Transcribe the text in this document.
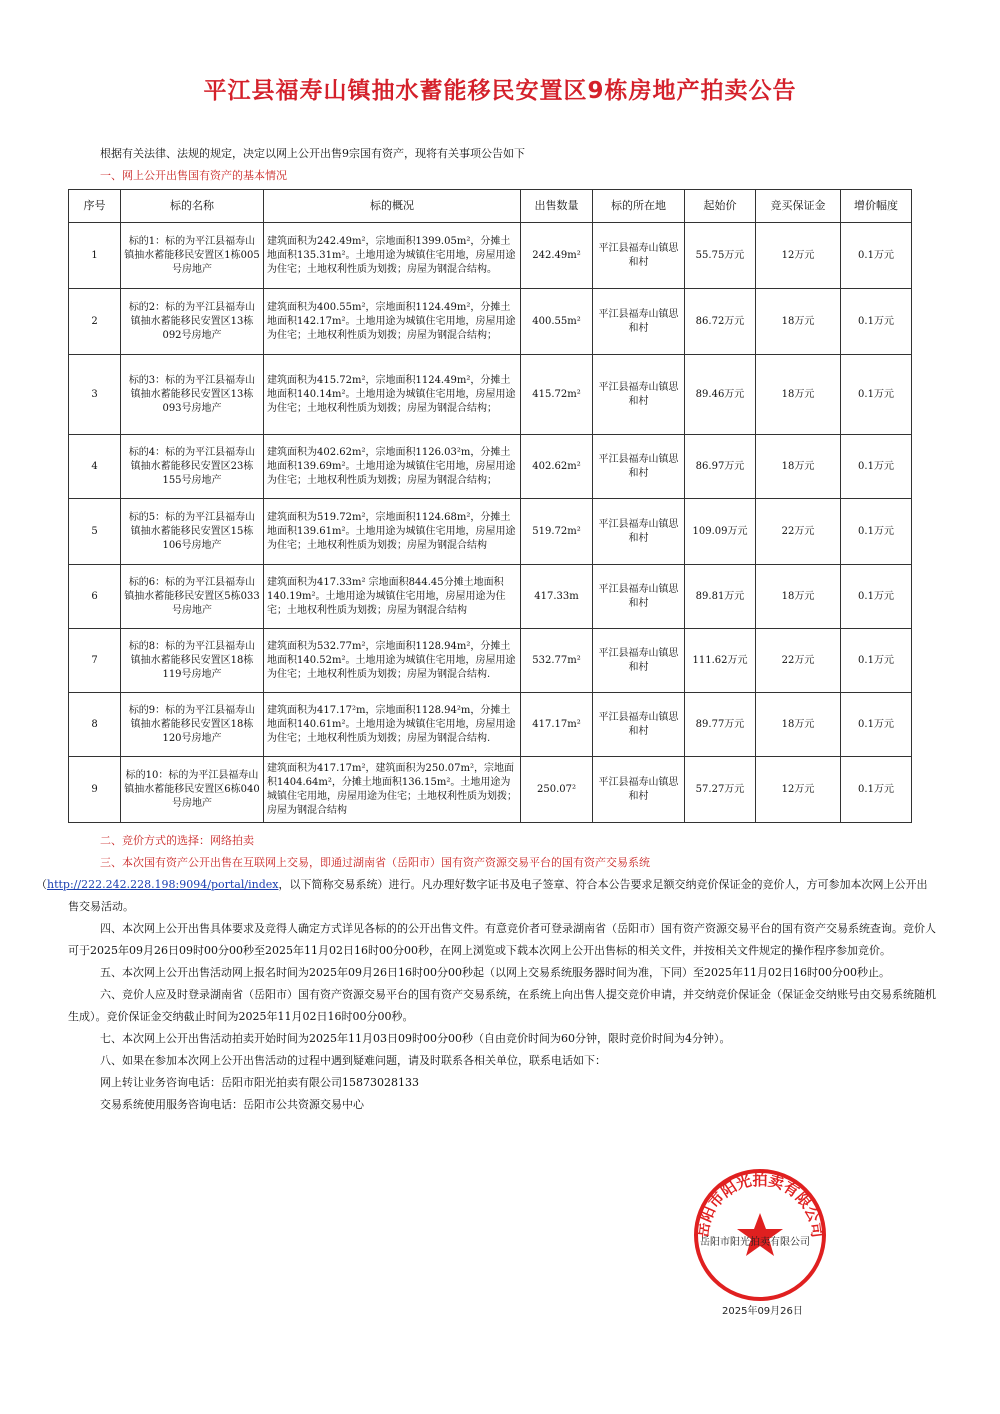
平江县福寿山镇抽水蓄能移民安置区9栋房地产拍卖公告
根据有关法律、法规的规定，决定以网上公开出售9宗国有资产，现将有关事项公告如下
一、网上公开出售国有资产的基本情况
序号	标的名称	标的概况	出售数量	标的所在地	起始价	竞买保证金	增价幅度
1	标的1：标的为平江县福寿山镇抽水蓄能移民安置区1栋005号房地产	建筑面积为242.49m²，宗地面积1399.05m²，分摊土地面积135.31m²。土地用途为城镇住宅用地，房屋用途为住宅；土地权利性质为划拨；房屋为钢混合结构。	242.49m²	平江县福寿山镇思和村	55.75万元	12万元	0.1万元
2	标的2：标的为平江县福寿山镇抽水蓄能移民安置区13栋092号房地产	建筑面积为400.55m²，宗地面积1124.49m²，分摊土地面积142.17m²。土地用途为城镇住宅用地，房屋用途为住宅；土地权利性质为划拨；房屋为钢混合结构；	400.55m²	平江县福寿山镇思和村	86.72万元	18万元	0.1万元
3	标的3：标的为平江县福寿山镇抽水蓄能移民安置区13栋093号房地产	建筑面积为415.72m²，宗地面积1124.49m²，分摊土地面积140.14m²。土地用途为城镇住宅用地，房屋用途为住宅；土地权利性质为划拨；房屋为钢混合结构；	415.72m²	平江县福寿山镇思和村	89.46万元	18万元	0.1万元
4	标的4：标的为平江县福寿山镇抽水蓄能移民安置区23栋155号房地产	建筑面积为402.62m²，宗地面积1126.03²m，分摊土地面积139.69m²。土地用途为城镇住宅用地，房屋用途为住宅；土地权利性质为划拨；房屋为钢混合结构；	402.62m²	平江县福寿山镇思和村	86.97万元	18万元	0.1万元
5	标的5：标的为平江县福寿山镇抽水蓄能移民安置区15栋106号房地产	建筑面积为519.72m²，宗地面积1124.68m²，分摊土地面积139.61m²。土地用途为城镇住宅用地，房屋用途为住宅；土地权利性质为划拨；房屋为钢混合结构	519.72m²	平江县福寿山镇思和村	109.09万元	22万元	0.1万元
6	标的6：标的为平江县福寿山镇抽水蓄能移民安置区5栋033号房地产	建筑面积为417.33m² 宗地面积844.45分摊土地面积140.19m²。土地用途为城镇住宅用地，房屋用途为住宅；土地权利性质为划拨；房屋为钢混合结构	417.33m	平江县福寿山镇思和村	89.81万元	18万元	0.1万元
7	标的8：标的为平江县福寿山镇抽水蓄能移民安置区18栋119号房地产	建筑面积为532.77m²，宗地面积1128.94m²，分摊土地面积140.52m²。土地用途为城镇住宅用地，房屋用途为住宅；土地权利性质为划拨；房屋为钢混合结构.	532.77m²	平江县福寿山镇思和村	111.62万元	22万元	0.1万元
8	标的9：标的为平江县福寿山镇抽水蓄能移民安置区18栋120号房地产	建筑面积为417.17²m，宗地面积1128.94²m，分摊土地面积140.61m²。土地用途为城镇住宅用地，房屋用途为住宅；土地权利性质为划拨；房屋为钢混合结构.	417.17m²	平江县福寿山镇思和村	89.77万元	18万元	0.1万元
9	标的10：标的为平江县福寿山镇抽水蓄能移民安置区6栋040号房地产	建筑面积为417.17m²，建筑面积为250.07m²，宗地面积1404.64m²，分摊土地面积136.15m²。土地用途为城镇住宅用地，房屋用途为住宅；土地权利性质为划拨；房屋为钢混合结构	250.07²	平江县福寿山镇思和村	57.27万元	12万元	0.1万元

二、竞价方式的选择：网络拍卖

三、本次国有资产公开出售在互联网上交易，即通过湖南省（岳阳市）国有资产资源交易平台的国有资产交易系统
（http://222.242.228.198:9094/portal/index，以下简称交易系统）进行。凡办理好数字证书及电子签章、符合本公告要求足额交纳竞价保证金的竞价人，方可参加本次网上公开出售交易活动。

四、本次网上公开出售具体要求及竞得人确定方式详见各标的的公开出售文件。有意竞价者可登录湖南省（岳阳市）国有资产资源交易平台的国有资产交易系统查询。竞价人可于2025年09月26日09时00分00秒至2025年11月02日16时00分00秒，在网上浏览或下载本次网上公开出售标的相关文件，并按相关文件规定的操作程序参加竞价。

五、本次网上公开出售活动网上报名时间为2025年09月26日16时00分00秒起（以网上交易系统服务器时间为准，下同）至2025年11月02日16时00分00秒止。

六、竞价人应及时登录湖南省（岳阳市）国有资产资源交易平台的国有资产交易系统，在系统上向出售人提交竞价申请，并交纳竞价保证金（保证金交纳账号由交易系统随机生成）。竞价保证金交纳截止时间为2025年11月02日16时00分00秒。

七、本次网上公开出售活动拍卖开始时间为2025年11月03日09时00分00秒（自由竞价时间为60分钟，限时竞价时间为4分钟）。

八、如果在参加本次网上公开出售活动的过程中遇到疑难问题，请及时联系各相关单位，联系电话如下：

网上转让业务咨询电话：岳阳市阳光拍卖有限公司15873028133

交易系统使用服务咨询电话：岳阳市公共资源交易中心

岳阳市阳光拍卖有限公司
岳阳市阳光拍卖有限公司
2025年09月26日
